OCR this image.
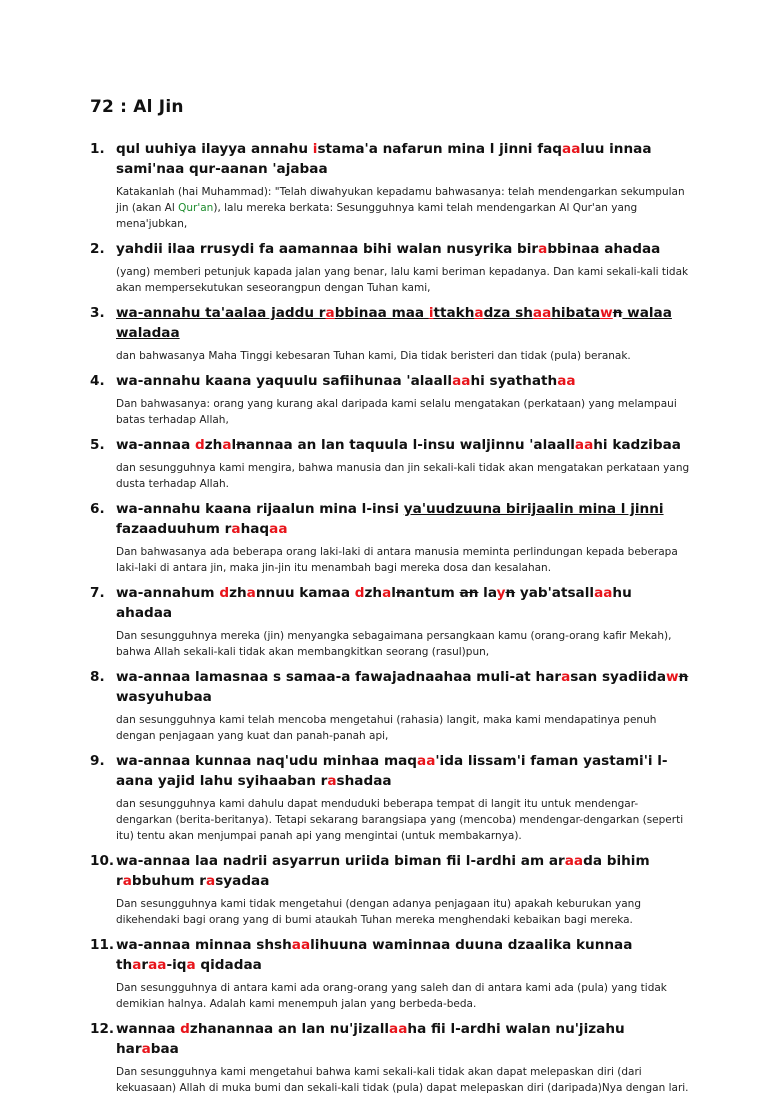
72 : Al Jin
1. qul uuhiya ilayya annahu istama'a nafarun mina l jinni faqaaluu innaa sami'naa qur-aanan 'ajabaa
Katakanlah (hai Muhammad): "Telah diwahyukan kepadamu bahwasanya: telah mendengarkan sekumpulan jin (akan Al Qur'an), lalu mereka berkata: Sesungguhnya kami telah mendengarkan Al Qur'an yang mena'jubkan,
2. yahdii ilaa rrusydi fa aamannaa bihi walan nusyrika birabbinaa ahadaa
(yang) memberi petunjuk kapada jalan yang benar, lalu kami beriman kepadanya. Dan kami sekali-kali tidak akan mempersekutukan seseorangpun dengan Tuhan kami,
3. wa-annahu ta'aalaa jaddu rabbinaa maa ittakhadza shaahibatawn walaa waladaa
dan bahwasanya Maha Tinggi kebesaran Tuhan kami, Dia tidak beristeri dan tidak (pula) beranak.
4. wa-annahu kaana yaquulu safiihunaa 'alaallaahi syathathaa
Dan bahwasanya: orang yang kurang akal daripada kami selalu mengatakan (perkataan) yang melampaui batas terhadap Allah,
5. wa-annaa dzhalnannaa an lan taquula l-insu waljinnu 'alaallaahi kadzibaa
dan sesungguhnya kami mengira, bahwa manusia dan jin sekali-kali tidak akan mengatakan perkataan yang dusta terhadap Allah.
6. wa-annahu kaana rijaalun mina l-insi ya'uudzuuna birijaalin mina l jinni fazaaduuhum rahaqaa
Dan bahwasanya ada beberapa orang laki-laki di antara manusia meminta perlindungan kepada beberapa laki-laki di antara jin, maka jin-jin itu menambah bagi mereka dosa dan kesalahan.
7. wa-annahum dzhannuu kamaa dzhalnantum an layn yab'atsallaahu ahadaa
Dan sesungguhnya mereka (jin) menyangka sebagaimana persangkaan kamu (orang-orang kafir Mekah), bahwa Allah sekali-kali tidak akan membangkitkan seorang (rasul)pun,
8. wa-annaa lamasnaa s samaa-a fawajadnaahaa muli-at harasan syadiidawn wasyuhubaa
dan sesungguhnya kami telah mencoba mengetahui (rahasia) langit, maka kami mendapatinya penuh dengan penjagaan yang kuat dan panah-panah api,
9. wa-annaa kunnaa naq'udu minhaa maqaa'ida lissam'i faman yastami'i l-aana yajid lahu syihaaban rashadaa
dan sesungguhnya kami dahulu dapat menduduki beberapa tempat di langit itu untuk mendengar-dengarkan (berita-beritanya). Tetapi sekarang barangsiapa yang (mencoba) mendengar-dengarkan (seperti itu) tentu akan menjumpai panah api yang mengintai (untuk membakarnya).
10. wa-annaa laa nadrii asyarrun uriida biman fii l-ardhi am araada bihim rabbuhum rasyadaa
Dan sesungguhnya kami tidak mengetahui (dengan adanya penjagaan itu) apakah keburukan yang dikehendaki bagi orang yang di bumi ataukah Tuhan mereka menghendaki kebaikan bagi mereka.
11. wa-annaa minnaa shshaalihuuna waminnaa duuna dzaalika kunnaa tharaa-iqa qidadaa
Dan sesungguhnya di antara kami ada orang-orang yang saleh dan di antara kami ada (pula) yang tidak demikian halnya. Adalah kami menempuh jalan yang berbeda-beda.
12. wannaa dzhanannaa an lan nu'jizallaaha fii l-ardhi walan nu'jizahu harabaa
Dan sesungguhnya kami mengetahui bahwa kami sekali-kali tidak akan dapat melepaskan diri (dari kekuasaan) Allah di muka bumi dan sekali-kali tidak (pula) dapat melepaskan diri (daripada)Nya dengan lari.
